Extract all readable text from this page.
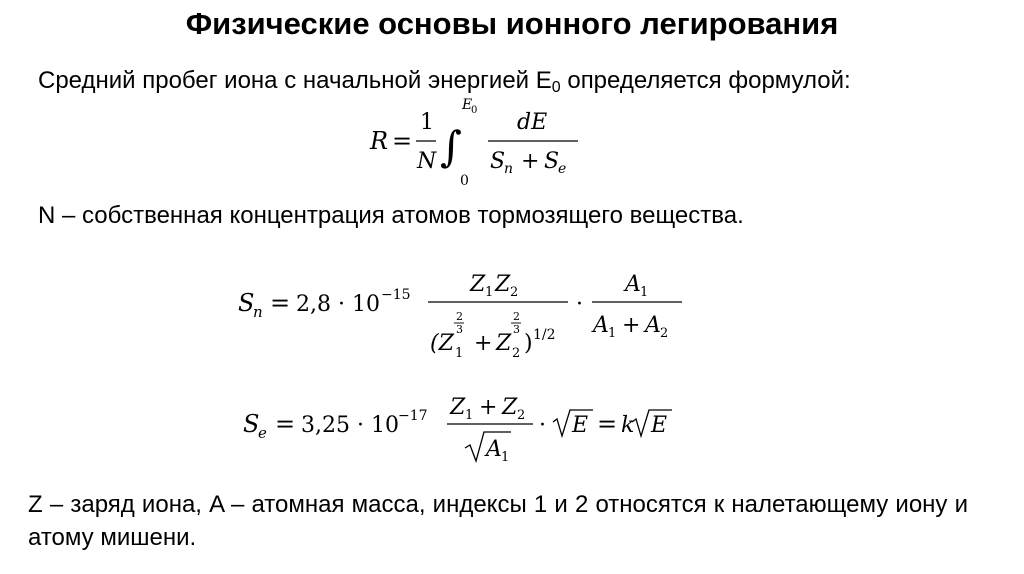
Физические основы ионного легирования
Средний пробег иона с начальной энергией $E_0$ определяется формулой:
R =
1
N ∫
E
0
0
dE
S
n + S
e
N – собственная концентрация атомов тормозящего вещества.
S
n = 2,8 · 10 −15	Z 1 Z 2
(Z
2
3
1 + Z
2
3
2 ) 1/2
·
A 1
A 1 + A 2
S
e = 3,25 · 10 −17 Z 1 + Z 2
A 1
· E = k E
Z – заряд иона, A – атомная масса, индексы 1 и 2 относятся к налетающему иону и атому мишени.
